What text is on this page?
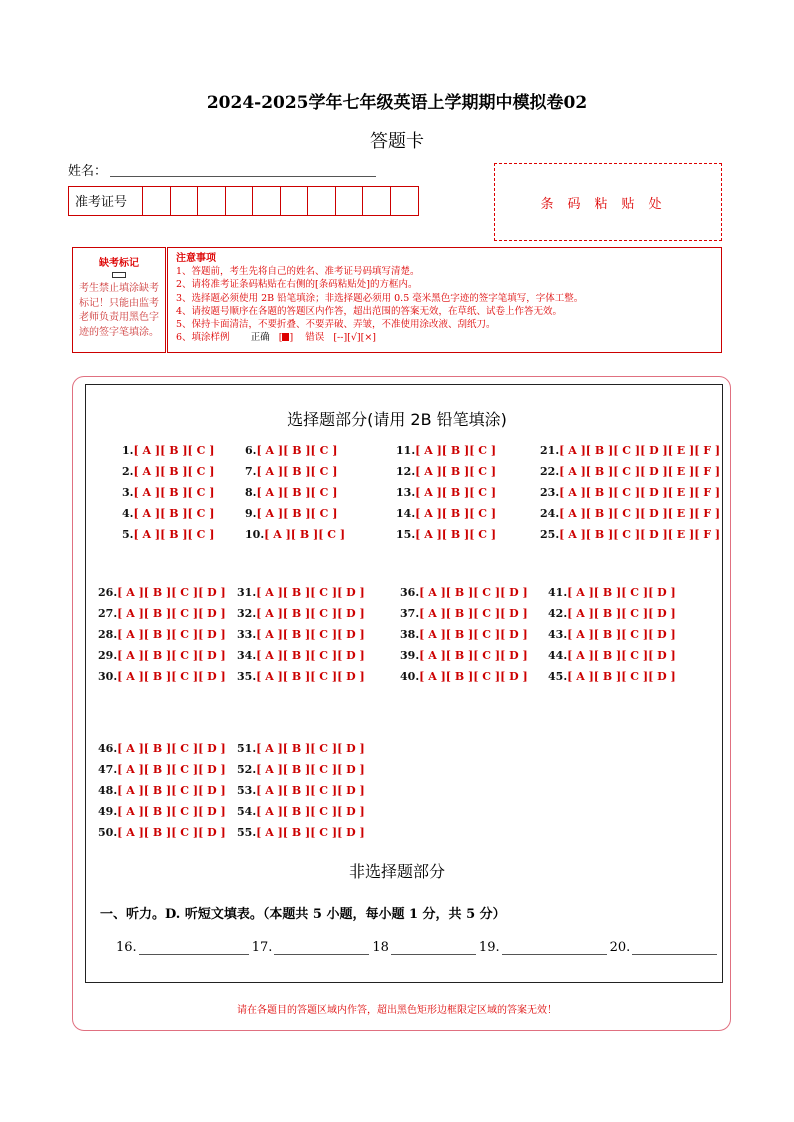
2024-2025学年七年级英语上学期期中模拟卷02
答题卡
姓名：
准考证号	条码粘贴处
缺考标记
考生禁止填涂缺考标记！只能由监考老师负责用黑色字迹的签字笔填涂。
注意事项
1、答题前，考生先将自己的姓名、准考证号码填写清楚。
2、请将准考证条码粘贴在右侧的[条码粘贴处]的方框内。
3、选择题必须使用 2B 铅笔填涂；非选择题必须用 0.5 毫米黑色字迹的签字笔填写，字体工整。
4、请按题号顺序在各题的答题区内作答，超出范围的答案无效，在草纸、试卷上作答无效。
5、保持卡面清洁，不要折叠、不要弄破、弄皱，不准使用涂改液、刮纸刀。
6、填涂样例 正确   [ ]    错误 [--][√][×]
选择题部分(请用 2B 铅笔填涂)
1.[ A ][ B ][ C ]
2.[ A ][ B ][ C ]
3.[ A ][ B ][ C ]
4.[ A ][ B ][ C ]
5.[ A ][ B ][ C ]
6.[ A ][ B ][ C ]
7.[ A ][ B ][ C ]
8.[ A ][ B ][ C ]
9.[ A ][ B ][ C ]
10.[ A ][ B ][ C ]
11.[ A ][ B ][ C ]
12.[ A ][ B ][ C ]
13.[ A ][ B ][ C ]
14.[ A ][ B ][ C ]
15.[ A ][ B ][ C ]
21.[ A ][ B ][ C ][ D ][ E ][ F ]
22.[ A ][ B ][ C ][ D ][ E ][ F ]
23.[ A ][ B ][ C ][ D ][ E ][ F ]
24.[ A ][ B ][ C ][ D ][ E ][ F ]
25.[ A ][ B ][ C ][ D ][ E ][ F ]
26.[ A ][ B ][ C ][ D ]
27.[ A ][ B ][ C ][ D ]
28.[ A ][ B ][ C ][ D ]
29.[ A ][ B ][ C ][ D ]
30.[ A ][ B ][ C ][ D ]
31.[ A ][ B ][ C ][ D ]
32.[ A ][ B ][ C ][ D ]
33.[ A ][ B ][ C ][ D ]
34.[ A ][ B ][ C ][ D ]
35.[ A ][ B ][ C ][ D ]
36.[ A ][ B ][ C ][ D ]
37.[ A ][ B ][ C ][ D ]
38.[ A ][ B ][ C ][ D ]
39.[ A ][ B ][ C ][ D ]
40.[ A ][ B ][ C ][ D ]
41.[ A ][ B ][ C ][ D ]
42.[ A ][ B ][ C ][ D ]
43.[ A ][ B ][ C ][ D ]
44.[ A ][ B ][ C ][ D ]
45.[ A ][ B ][ C ][ D ]
46.[ A ][ B ][ C ][ D ]
47.[ A ][ B ][ C ][ D ]
48.[ A ][ B ][ C ][ D ]
49.[ A ][ B ][ C ][ D ]
50.[ A ][ B ][ C ][ D ]
51.[ A ][ B ][ C ][ D ]
52.[ A ][ B ][ C ][ D ]
53.[ A ][ B ][ C ][ D ]
54.[ A ][ B ][ C ][ D ]
55.[ A ][ B ][ C ][ D ]
非选择题部分
一、听力。D. 听短文填表。（本题共 5 小题，每小题 1 分，共 5 分）
16.	17.	18	19.	20.
请在各题目的答题区域内作答，超出黑色矩形边框限定区域的答案无效！
